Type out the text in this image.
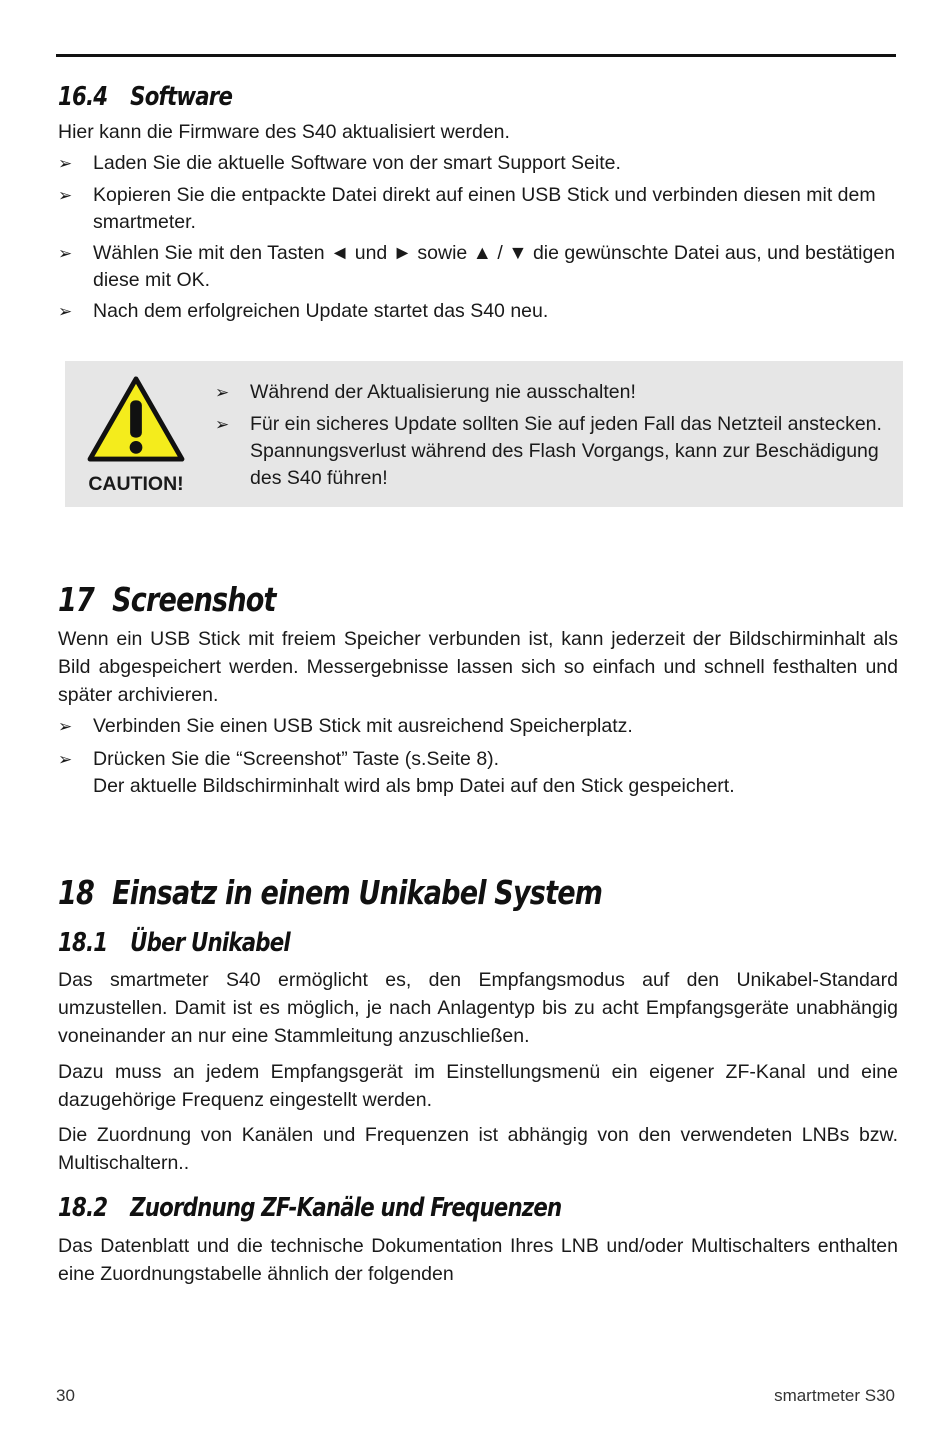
16.4 Software

Hier kann die Firmware des S40 aktualisiert werden.

➢ Laden Sie die aktuelle Software von der smart Support Seite.
➢ Kopieren Sie die entpackte Datei direkt auf einen USB Stick und verbinden diesen mit dem smartmeter.
➢ Wählen Sie mit den Tasten ◄ und ► sowie ▲ / ▼ die gewünschte Datei aus, und bestätigen diese mit OK.
➢ Nach dem erfolgreichen Update startet das S40 neu.
17 Screenshot

Wenn ein USB Stick mit freiem Speicher verbunden ist, kann jederzeit der Bildschirminhalt als Bild abgespeichert werden. Messergebnisse lassen sich so einfach und schnell festhalten und später archivieren.

➢ Verbinden Sie einen USB Stick mit ausreichend Speicherplatz.
➢ Drücken Sie die “Screenshot” Taste (s.Seite 8).
Der aktuelle Bildschirminhalt wird als bmp Datei auf den Stick gespeichert.
18 Einsatz in einem Unikabel System
18.1 Über Unikabel

Das smartmeter S40 ermöglicht es, den Empfangsmodus auf den Unikabel-Standard umzustellen. Damit ist es möglich, je nach Anlagentyp bis zu acht Empfangsgeräte unabhängig voneinander an nur eine Stammleitung anzuschließen.

Dazu muss an jedem Empfangsgerät im Einstellungsmenü ein eigener ZF-Kanal und eine dazugehörige Frequenz eingestellt werden.

Die Zuordnung von Kanälen und Frequenzen ist abhängig von den verwendeten LNBs bzw. Multischaltern..

18.2 Zuordnung ZF-Kanäle und Frequenzen

Das Datenblatt und die technische Dokumentation Ihres LNB und/oder Multischalters enthalten eine Zuordnungstabelle ähnlich der folgenden

CAUTION!
➢ Während der Aktualisierung nie ausschalten!
➢ Für ein sicheres Update sollten Sie auf jeden Fall das Netzteil anstecken. Spannungsverlust während des Flash Vorgangs, kann zur Beschädigung des S40 führen!
30	smartmeter S30
